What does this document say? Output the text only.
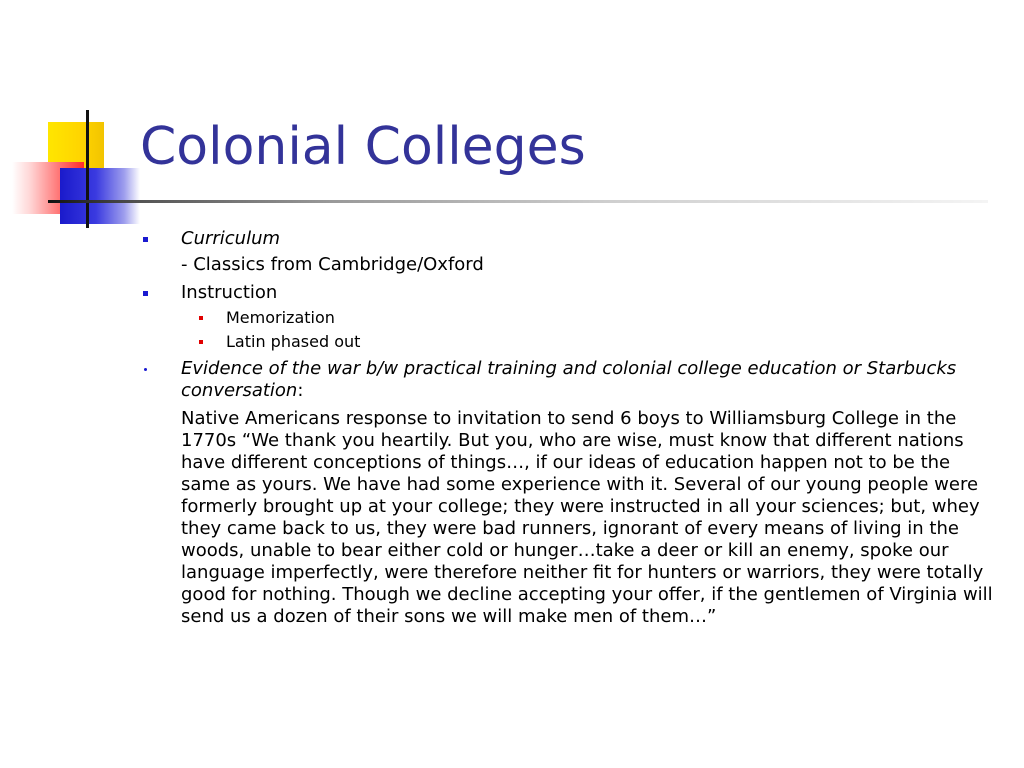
Colonial Colleges
Curriculum
- Classics from Cambridge/Oxford
Instruction
Memorization
Latin phased out
Evidence of the war b/w practical training and colonial college education or Starbucks conversation:
Native Americans response to invitation to send 6 boys to Williamsburg College in the 1770s “We thank you heartily. But you, who are wise, must know that different nations have different conceptions of things…, if our ideas of education happen not to be the same as yours. We have had some experience with it. Several of our young people were formerly brought up at your college; they were instructed in all your sciences; but, whey they came back to us, they were bad runners, ignorant of every means of living in the woods, unable to bear either cold or hunger…take a deer or kill an enemy, spoke our language imperfectly, were therefore neither fit for hunters or warriors, they were totally good for nothing. Though we decline accepting your offer, if the gentlemen of Virginia will send us a dozen of their sons we will make men of them…”
